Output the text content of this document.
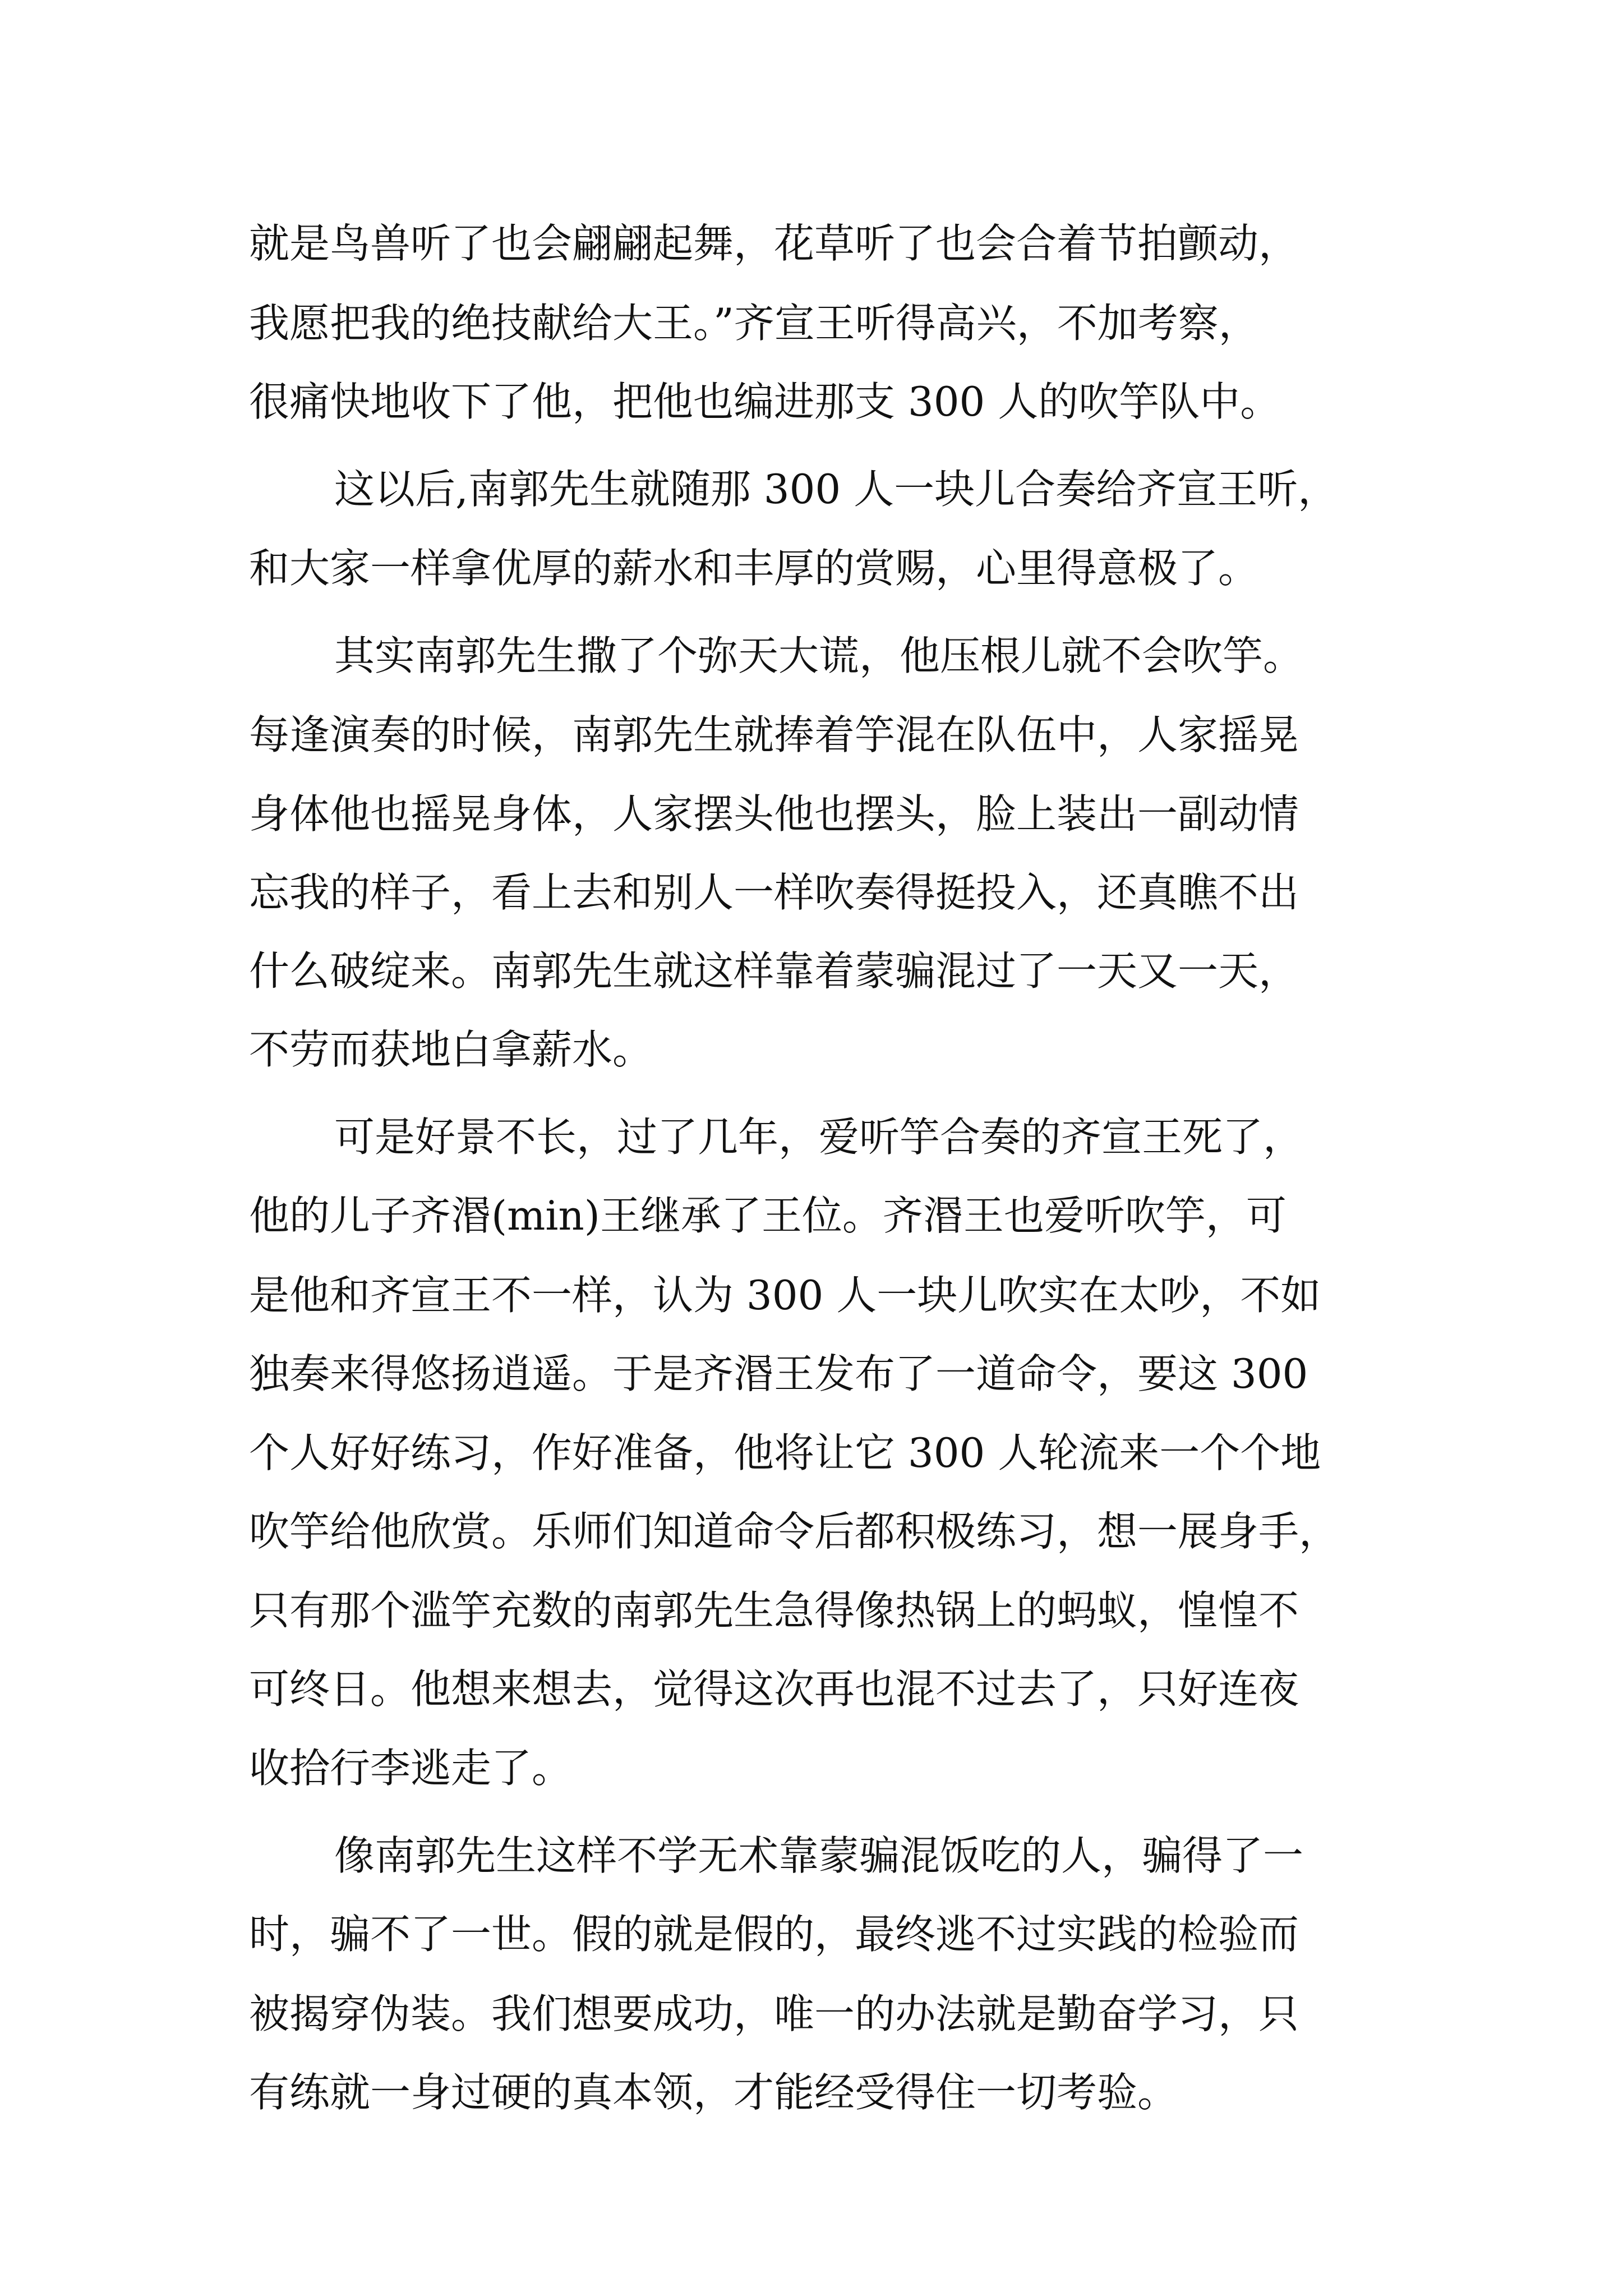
就是鸟兽听了也会翩翩起舞，花草听了也会合着节拍颤动，
我愿把我的绝技献给大王。”齐宣王听得高兴，不加考察，
很痛快地收下了他，把他也编进那支 300 人的吹竽队中。
这以后,南郭先生就随那 300 人一块儿合奏给齐宣王听，
和大家一样拿优厚的薪水和丰厚的赏赐，心里得意极了。
其实南郭先生撒了个弥天大谎，他压根儿就不会吹竽。
每逢演奏的时候，南郭先生就捧着竽混在队伍中，人家摇晃
身体他也摇晃身体，人家摆头他也摆头，脸上装出一副动情
忘我的样子，看上去和别人一样吹奏得挺投入，还真瞧不出
什么破绽来。南郭先生就这样靠着蒙骗混过了一天又一天，
不劳而获地白拿薪水。
可是好景不长，过了几年，爱听竽合奏的齐宣王死了，
他的儿子齐湣(min)王继承了王位。齐湣王也爱听吹竽，可
是他和齐宣王不一样，认为 300 人一块儿吹实在太吵，不如
独奏来得悠扬逍遥。于是齐湣王发布了一道命令，要这 300
个人好好练习，作好准备，他将让它 300 人轮流来一个个地
吹竽给他欣赏。乐师们知道命令后都积极练习，想一展身手，
只有那个滥竽充数的南郭先生急得像热锅上的蚂蚁，惶惶不
可终日。他想来想去，觉得这次再也混不过去了，只好连夜
收拾行李逃走了。
像南郭先生这样不学无术靠蒙骗混饭吃的人，骗得了一
时，骗不了一世。假的就是假的，最终逃不过实践的检验而
被揭穿伪装。我们想要成功，唯一的办法就是勤奋学习，只
有练就一身过硬的真本领，才能经受得住一切考验。
